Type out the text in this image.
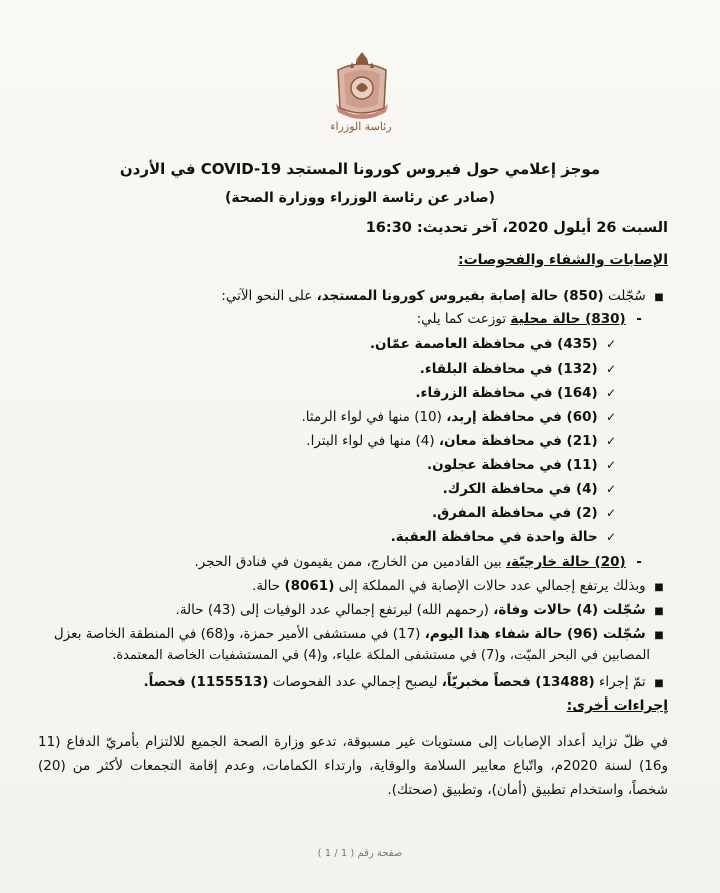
رئاسة الوزراء
موجز إعلامي حول فيروس كورونا المستجد COVID-19 في الأردن
(صادر عن رئاسة الوزراء ووزارة الصحة)
السبت 26 أيلول 2020، آخر تحديث: 16:30
الإصابات والشفاء والفحوصات:
■ سُجّلت (850) حالة إصابة بفيروس كورونا المستجد، على النحو الآتي:
- (830) حالة محلية توزعت كما يلي:
✓ (435) في محافظة العاصمة عمّان.
✓ (132) في محافظة البلقاء.
✓ (164) في محافظة الزرقاء.
✓ (60) في محافظة إربد، (10) منها في لواء الرمثا.
✓ (21) في محافظة معان، (4) منها في لواء البترا.
✓ (11) في محافظة عجلون.
✓ (4) في محافظة الكرك.
✓ (2) في محافظة المفرق.
✓ حالة واحدة في محافظة العقبة.
- (20) حالة خارجيّة، بين القادمين من الخارج، ممن يقيمون في فنادق الحجر.
■ وبذلك يرتفع إجمالي عدد حالات الإصابة في المملكة إلى (8061) حالة.
■ سُجّلت (4) حالات وفاة، (رحمهم الله) ليرتفع إجمالي عدد الوفيات إلى (43) حالة.
■ سُجّلت (96) حالة شفاء هذا اليوم، (17) في مستشفى الأمير حمزة، و(68) في المنطقة الخاصة بعزل
المصابين في البحر الميّت، و(7) في مستشفى الملكة علياء، و(4) في المستشفيات الخاصة المعتمدة.
■ تمّ إجراء (13488) فحصاً مخبريّاً، ليصبح إجمالي عدد الفحوصات (1155513) فحصاً.
إجراءات أخرى:
في ظلّ تزايد أعداد الإصابات إلى مستويات غير مسبوقة، تدعو وزارة الصحة الجميع للالتزام بأمريّ الدفاع (11 و16) لسنة 2020م، واتّباع معايير السلامة والوقاية، وارتداء الكمامات، وعدم إقامة التجمعات لأكثر من (20) شخصاً، واستخدام تطبيق (أمان)، وتطبيق (صحتك).
صفحة رقم ( 1 / 1 )
